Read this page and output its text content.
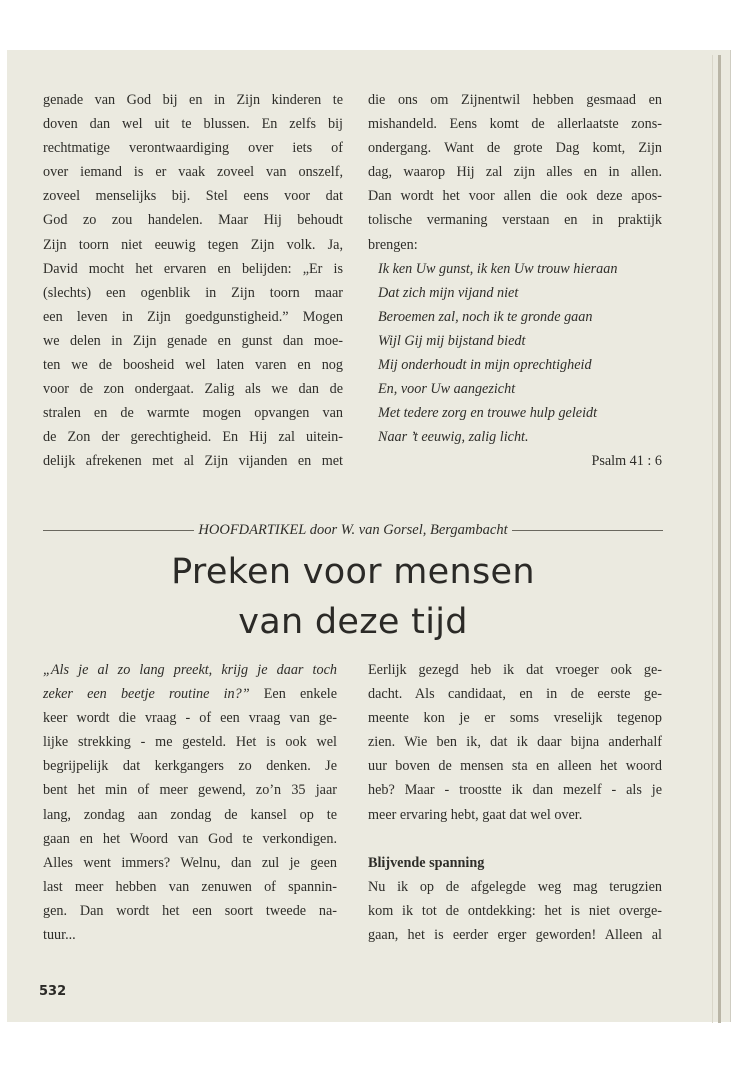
genade van God bij en in Zijn kinderen te

doven dan wel uit te blussen. En zelfs bij

rechtmatige verontwaardiging over iets of

over iemand is er vaak zoveel van onszelf,

zoveel menselijks bij. Stel eens voor dat

God zo zou handelen. Maar Hij behoudt

Zijn toorn niet eeuwig tegen Zijn volk. Ja,

David mocht het ervaren en belijden: „Er is

(slechts) een ogenblik in Zijn toorn maar

een leven in Zijn goedgunstigheid.” Mogen

we delen in Zijn genade en gunst dan moe-

ten we de boosheid wel laten varen en nog

voor de zon ondergaat. Zalig als we dan de

stralen en de warmte mogen opvangen van

de Zon der gerechtigheid. En Hij zal uitein-

delijk afrekenen met al Zijn vijanden en met

die ons om Zijnentwil hebben gesmaad en

mishandeld. Eens komt de allerlaatste zons-

ondergang. Want de grote Dag komt, Zijn

dag, waarop Hij zal zijn alles en in allen.

Dan wordt het voor allen die ook deze apos-

tolische vermaning verstaan en in praktijk

brengen:

Ik ken Uw gunst, ik ken Uw trouw hieraan

Dat zich mijn vijand niet

Beroemen zal, noch ik te gronde gaan

Wijl Gij mij bijstand biedt

Mij onderhoudt in mijn oprechtigheid

En, voor Uw aangezicht

Met tedere zorg en trouwe hulp geleidt

Naar ’t eeuwig, zalig licht.

Psalm 41 : 6

HOOFDARTIKEL door W. van Gorsel, Bergambacht
Preken voor mensen
van deze tijd

„Als je al zo lang preekt, krijg je daar toch

zeker een beetje routine in?” Een enkele

keer wordt die vraag - of een vraag van ge-

lijke strekking - me gesteld. Het is ook wel

begrijpelijk dat kerkgangers zo denken. Je

bent het min of meer gewend, zo’n 35 jaar

lang, zondag aan zondag de kansel op te

gaan en het Woord van God te verkondigen.

Alles went immers? Welnu, dan zul je geen

last meer hebben van zenuwen of spannin-

gen. Dan wordt het een soort tweede na-

tuur...

Eerlijk gezegd heb ik dat vroeger ook ge-

dacht. Als candidaat, en in de eerste ge-

meente kon je er soms vreselijk tegenop

zien. Wie ben ik, dat ik daar bijna anderhalf

uur boven de mensen sta en alleen het woord

heb? Maar - troostte ik dan mezelf - als je

meer ervaring hebt, gaat dat wel over.

Blijvende spanning

Nu ik op de afgelegde weg mag terugzien

kom ik tot de ontdekking: het is niet overge-

gaan, het is eerder erger geworden! Alleen al

532
